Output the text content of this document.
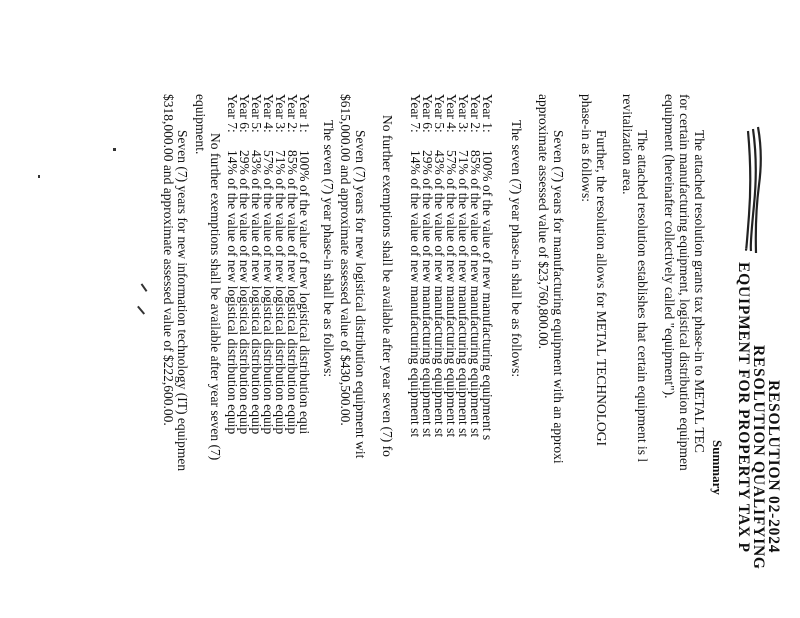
RESOLUTION 02-2024
RESOLUTION QUALIFYING
EQUIPMENT FOR PROPERTY TAX P
Summary
The attached resolution grants tax phase-in to METAL TEC
for certain manufacturing equipment, logistical distribution equipmen
equipment (hereinafter collectively called "equipment").
The attached resolution establishes that certain equipment is l
revitalization area.
Further, the resolution allows for METAL TECHNOLOGI
phase-in as follows:
Seven (7) years for manufacturing equipment with an approxi
approximate assessed value of $23,760,800.00.
The seven (7) year phase-in shall be as follows:
Year 1:
100% of the value of new manufacturing equipment s
Year 2:
85% of the value of new manufacturing equipment st
Year 3:
71% of the value of new manufacturing equipment st
Year 4:
57% of the value of new manufacturing equipment st
Year 5:
43% of the value of new manufacturing equipment st
Year 6:
29% of the value of new manufacturing equipment st
Year 7:
14% of the value of new manufacturing equipment st
No further exemptions shall be available after year seven (7) fo
Seven (7) years for new logistical distribution equipment wit
$615,000.00 and approximate assessed value of $430,500.00.
The seven (7) year phase-in shall be as follows:
Year 1:
100% of the value of new logistical distribution equi
Year 2:
85% of the value of new logistical distribution equip
Year 3:
71% of the value of new logistical distribution equip
Year 4:
57% of the value of new logistical distribution equip
Year 5:
43% of the value of new logistical distribution equip
Year 6:
29% of the value of new logistical distribution equip
Year 7:
14% of the value of new logistical distribution equip
No further exemptions shall be available after year seven (7)
equipment.
Seven (7) years for new information technology (IT) equipmen
$318,000.00 and approximate assessed value of $222,600.00.
